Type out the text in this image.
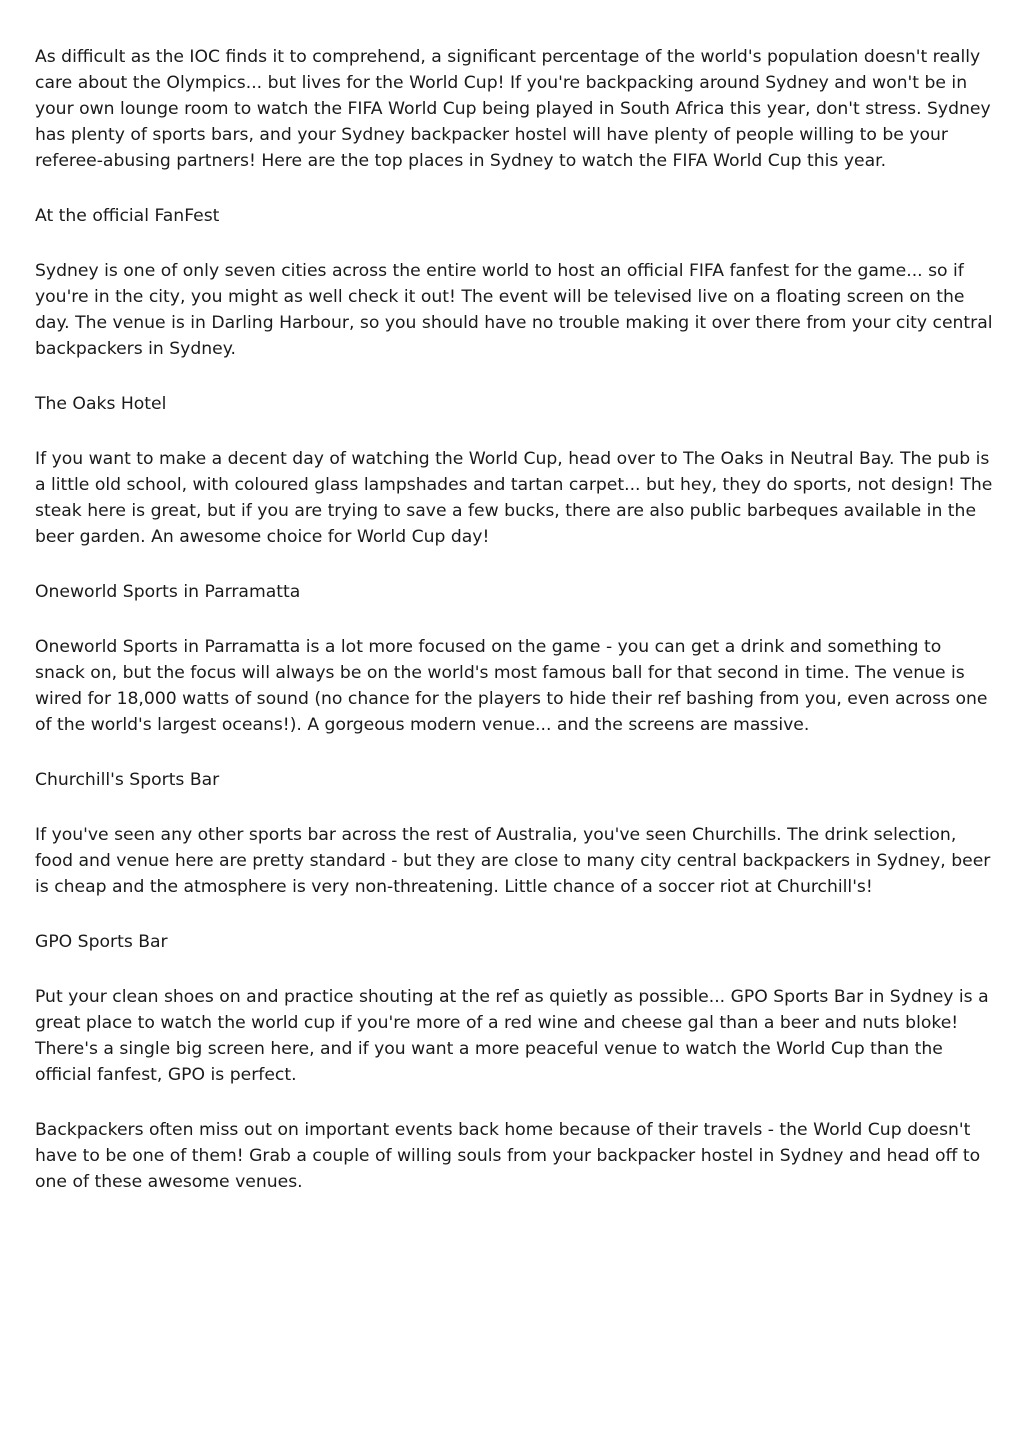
As difficult as the IOC finds it to comprehend, a significant percentage of the world's population doesn't really care about the Olympics... but lives for the World Cup! If you're backpacking around Sydney and won't be in your own lounge room to watch the FIFA World Cup being played in South Africa this year, don't stress. Sydney has plenty of sports bars, and your Sydney backpacker hostel will have plenty of people willing to be your referee-abusing partners! Here are the top places in Sydney to watch the FIFA World Cup this year.

At the official FanFest

Sydney is one of only seven cities across the entire world to host an official FIFA fanfest for the game... so if you're in the city, you might as well check it out! The event will be televised live on a floating screen on the day. The venue is in Darling Harbour, so you should have no trouble making it over there from your city central backpackers in Sydney.

The Oaks Hotel

If you want to make a decent day of watching the World Cup, head over to The Oaks in Neutral Bay. The pub is a little old school, with coloured glass lampshades and tartan carpet... but hey, they do sports, not design! The steak here is great, but if you are trying to save a few bucks, there are also public barbeques available in the beer garden. An awesome choice for World Cup day!

Oneworld Sports in Parramatta

Oneworld Sports in Parramatta is a lot more focused on the game - you can get a drink and something to snack on, but the focus will always be on the world's most famous ball for that second in time. The venue is wired for 18,000 watts of sound (no chance for the players to hide their ref bashing from you, even across one of the world's largest oceans!). A gorgeous modern venue... and the screens are massive.

Churchill's Sports Bar

If you've seen any other sports bar across the rest of Australia, you've seen Churchills. The drink selection, food and venue here are pretty standard - but they are close to many city central backpackers in Sydney, beer is cheap and the atmosphere is very non-threatening. Little chance of a soccer riot at Churchill's!

GPO Sports Bar

Put your clean shoes on and practice shouting at the ref as quietly as possible... GPO Sports Bar in Sydney is a great place to watch the world cup if you're more of a red wine and cheese gal than a beer and nuts bloke! There's a single big screen here, and if you want a more peaceful venue to watch the World Cup than the official fanfest, GPO is perfect.

Backpackers often miss out on important events back home because of their travels - the World Cup doesn't have to be one of them! Grab a couple of willing souls from your backpacker hostel in Sydney and head off to one of these awesome venues.
